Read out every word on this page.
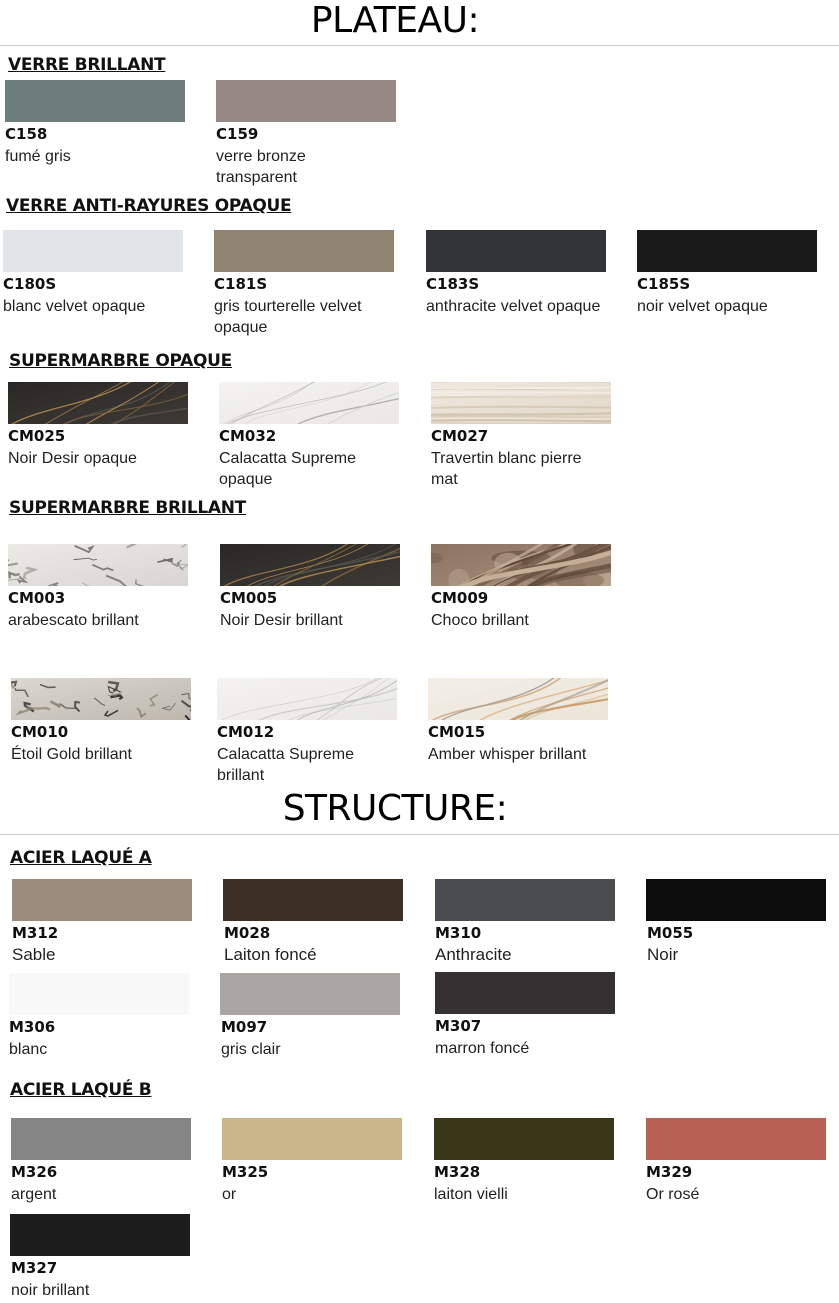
PLATEAU:
VERRE BRILLANT
C158
fumé gris
C159
verre bronze transparent
VERRE ANTI-RAYURES OPAQUE
C180S
blanc velvet opaque
C181S
gris tourterelle velvet opaque
C183S
anthracite velvet opaque
C185S
noir velvet opaque
SUPERMARBRE OPAQUE
CM025
Noir Desir opaque
CM032
Calacatta Supreme opaque
CM027
Travertin blanc pierre mat
SUPERMARBRE BRILLANT
CM003
arabescato brillant
CM005
Noir Desir brillant
CM009
Choco brillant
CM010
Étoil Gold brillant
CM012
Calacatta Supreme brillant
CM015
Amber whisper brillant
STRUCTURE:
ACIER LAQUÉ A
M312
Sable
M028
Laiton foncé
M310
Anthracite
M055
Noir
M306
blanc
M097
gris clair
M307
marron foncé
ACIER LAQUÉ B
M326
argent
M325
or
M328
laiton vielli
M329
Or rosé
M327
noir brillant
